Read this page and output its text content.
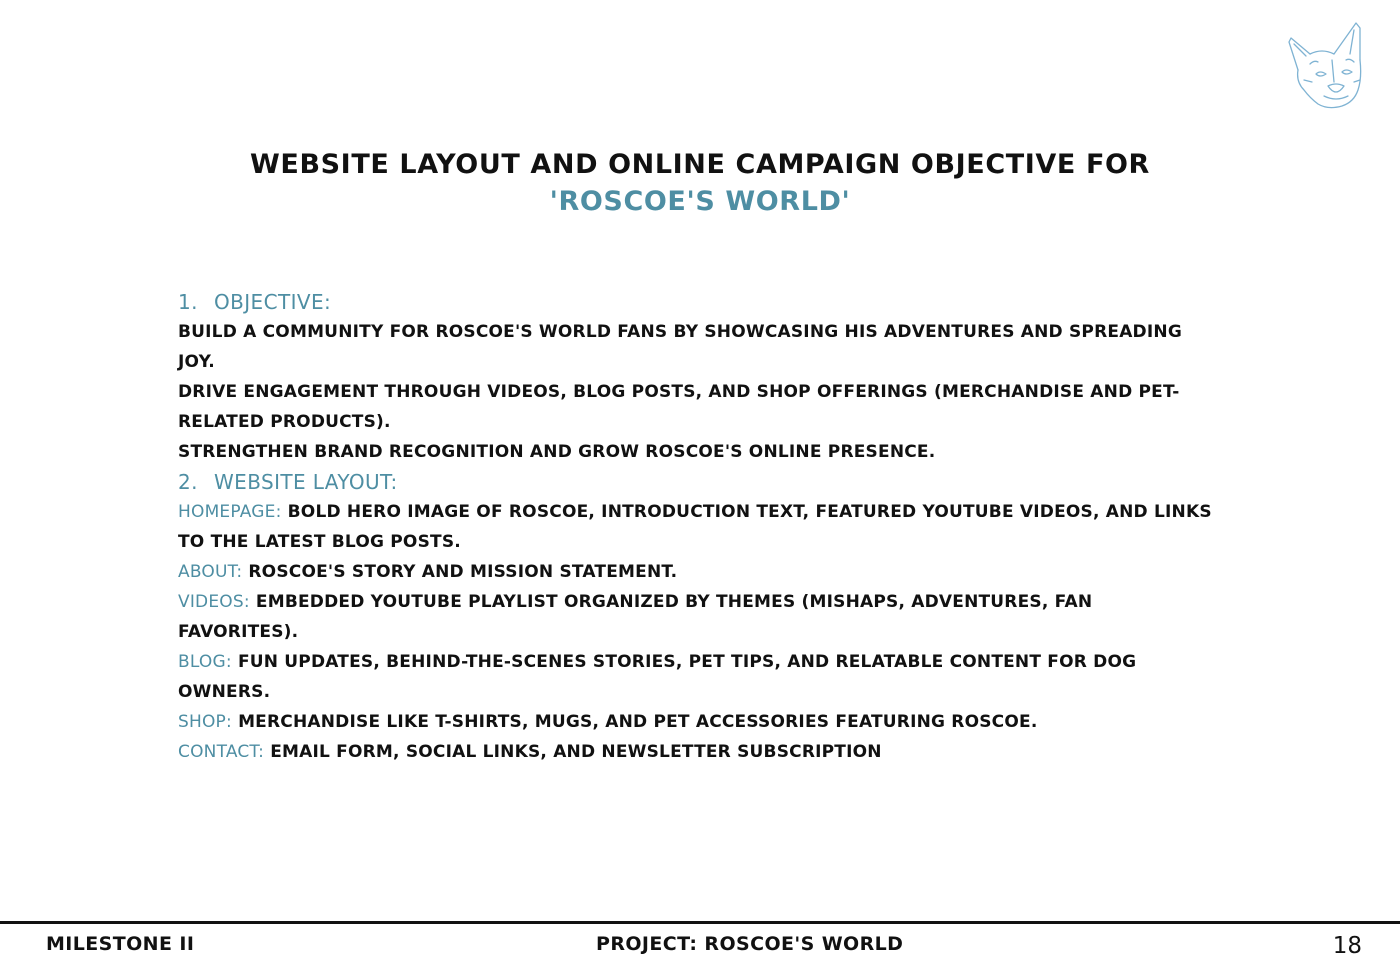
WEBSITE LAYOUT AND ONLINE CAMPAIGN OBJECTIVE FOR
'ROSCOE'S WORLD'
1. OBJECTIVE:
BUILD A COMMUNITY FOR ROSCOE'S WORLD FANS BY SHOWCASING HIS ADVENTURES AND SPREADING JOY.
DRIVE ENGAGEMENT THROUGH VIDEOS, BLOG POSTS, AND SHOP OFFERINGS (MERCHANDISE AND PET-RELATED PRODUCTS).
STRENGTHEN BRAND RECOGNITION AND GROW ROSCOE'S ONLINE PRESENCE.
2. WEBSITE LAYOUT:
HOMEPAGE: BOLD HERO IMAGE OF ROSCOE, INTRODUCTION TEXT, FEATURED YOUTUBE VIDEOS, AND LINKS TO THE LATEST BLOG POSTS.
ABOUT: ROSCOE'S STORY AND MISSION STATEMENT.
VIDEOS: EMBEDDED YOUTUBE PLAYLIST ORGANIZED BY THEMES (MISHAPS, ADVENTURES, FAN FAVORITES).
BLOG: FUN UPDATES, BEHIND-THE-SCENES STORIES, PET TIPS, AND RELATABLE CONTENT FOR DOG OWNERS.
SHOP: MERCHANDISE LIKE T-SHIRTS, MUGS, AND PET ACCESSORIES FEATURING ROSCOE.
CONTACT: EMAIL FORM, SOCIAL LINKS, AND NEWSLETTER SUBSCRIPTION
MILESTONE II	PROJECT: ROSCOE'S WORLD	18
